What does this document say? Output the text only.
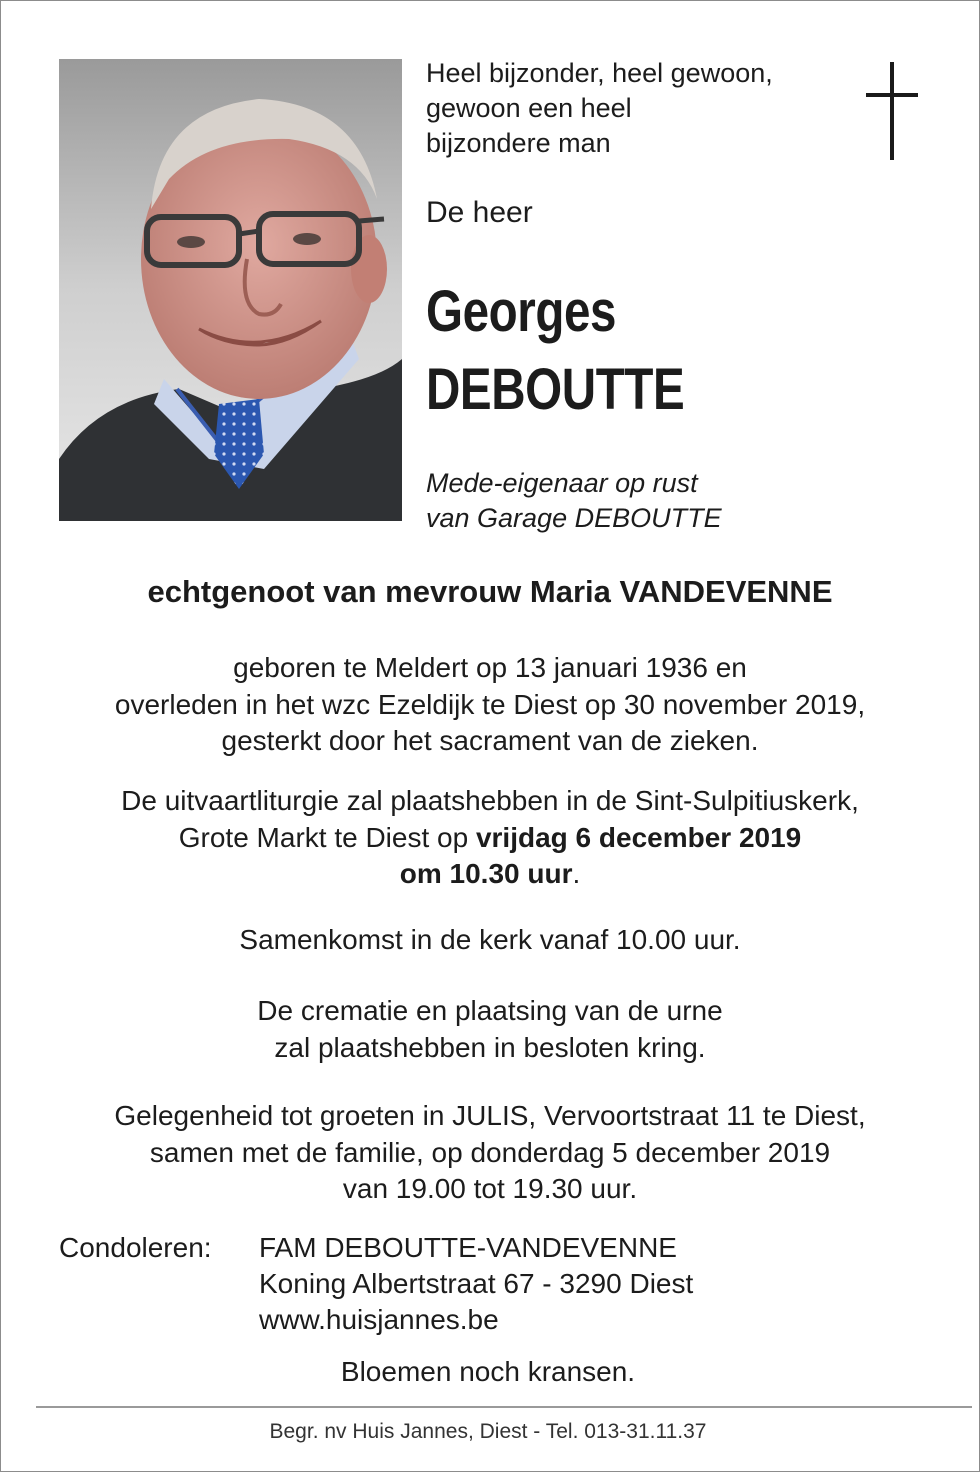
Heel bijzonder, heel gewoon,
gewoon een heel
bijzondere man
De heer
Georges
DEBOUTTE
Mede-eigenaar op rust
van Garage DEBOUTTE
echtgenoot van mevrouw Maria VANDEVENNE
geboren te Meldert op 13 januari 1936 en
overleden in het wzc Ezeldijk te Diest op 30 november 2019,
gesterkt door het sacrament van de zieken.
De uitvaartliturgie zal plaatshebben in de Sint-Sulpitiuskerk,
Grote Markt te Diest op vrijdag 6 december 2019
om 10.30 uur.
Samenkomst in de kerk vanaf 10.00 uur.
De crematie en plaatsing van de urne
zal plaatshebben in besloten kring.
Gelegenheid tot groeten in JULIS, Vervoortstraat 11 te Diest,
samen met de familie, op donderdag 5 december 2019
van 19.00 tot 19.30 uur.
Condoleren: FAM DEBOUTTE-VANDEVENNE
Koning Albertstraat 67 - 3290 Diest
www.huisjannes.be
Bloemen noch kransen.
Begr. nv Huis Jannes, Diest - Tel. 013-31.11.37
